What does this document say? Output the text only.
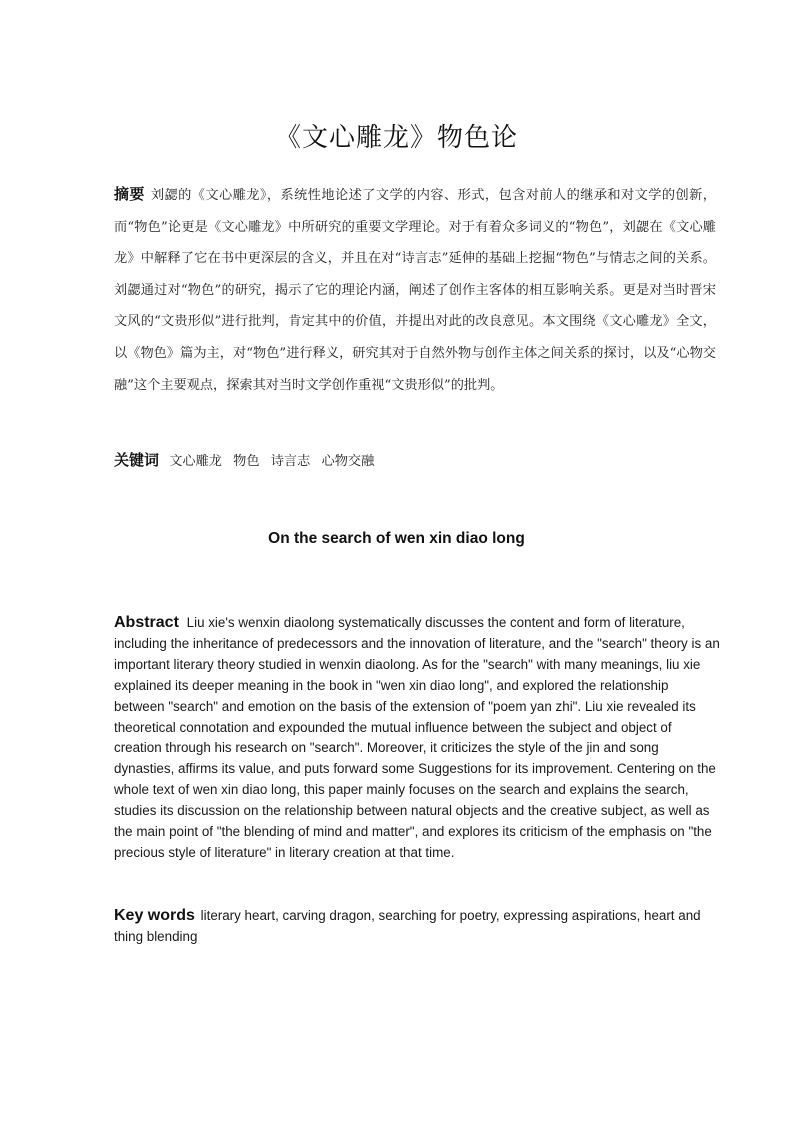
《文心雕龙》物色论
摘要 刘勰的《文心雕龙》，系统性地论述了文学的内容、形式，包含对前人的继承和对文学的创新，而“物色”论更是《文心雕龙》中所研究的重要文学理论。对于有着众多词义的“物色”，刘勰在《文心雕龙》中解释了它在书中更深层的含义，并且在对“诗言志”延伸的基础上挖掘“物色”与情志之间的关系。刘勰通过对“物色”的研究，揭示了它的理论内涵，阐述了创作主客体的相互影响关系。更是对当时晋宋文风的“文贵形似”进行批判，肯定其中的价值，并提出对此的改良意见。本文围绕《文心雕龙》全文，以《物色》篇为主，对“物色”进行释义，研究其对于自然外物与创作主体之间关系的探讨，以及“心物交融”这个主要观点，探索其对当时文学创作重视“文贵形似”的批判。
关键词 文心雕龙 物色 诗言志 心物交融
On the search of wen xin diao long
Abstract Liu xie's wenxin diaolong systematically discusses the content and form of literature, including the inheritance of predecessors and the innovation of literature, and the "search" theory is an important literary theory studied in wenxin diaolong. As for the "search" with many meanings, liu xie explained its deeper meaning in the book in "wen xin diao long", and explored the relationship between "search" and emotion on the basis of the extension of "poem yan zhi". Liu xie revealed its theoretical connotation and expounded the mutual influence between the subject and object of creation through his research on "search". Moreover, it criticizes the style of the jin and song dynasties, affirms its value, and puts forward some Suggestions for its improvement. Centering on the whole text of wen xin diao long, this paper mainly focuses on the search and explains the search, studies its discussion on the relationship between natural objects and the creative subject, as well as the main point of "the blending of mind and matter", and explores its criticism of the emphasis on "the precious style of literature" in literary creation at that time.
Key words literary heart, carving dragon, searching for poetry, expressing aspirations, heart and thing blending
